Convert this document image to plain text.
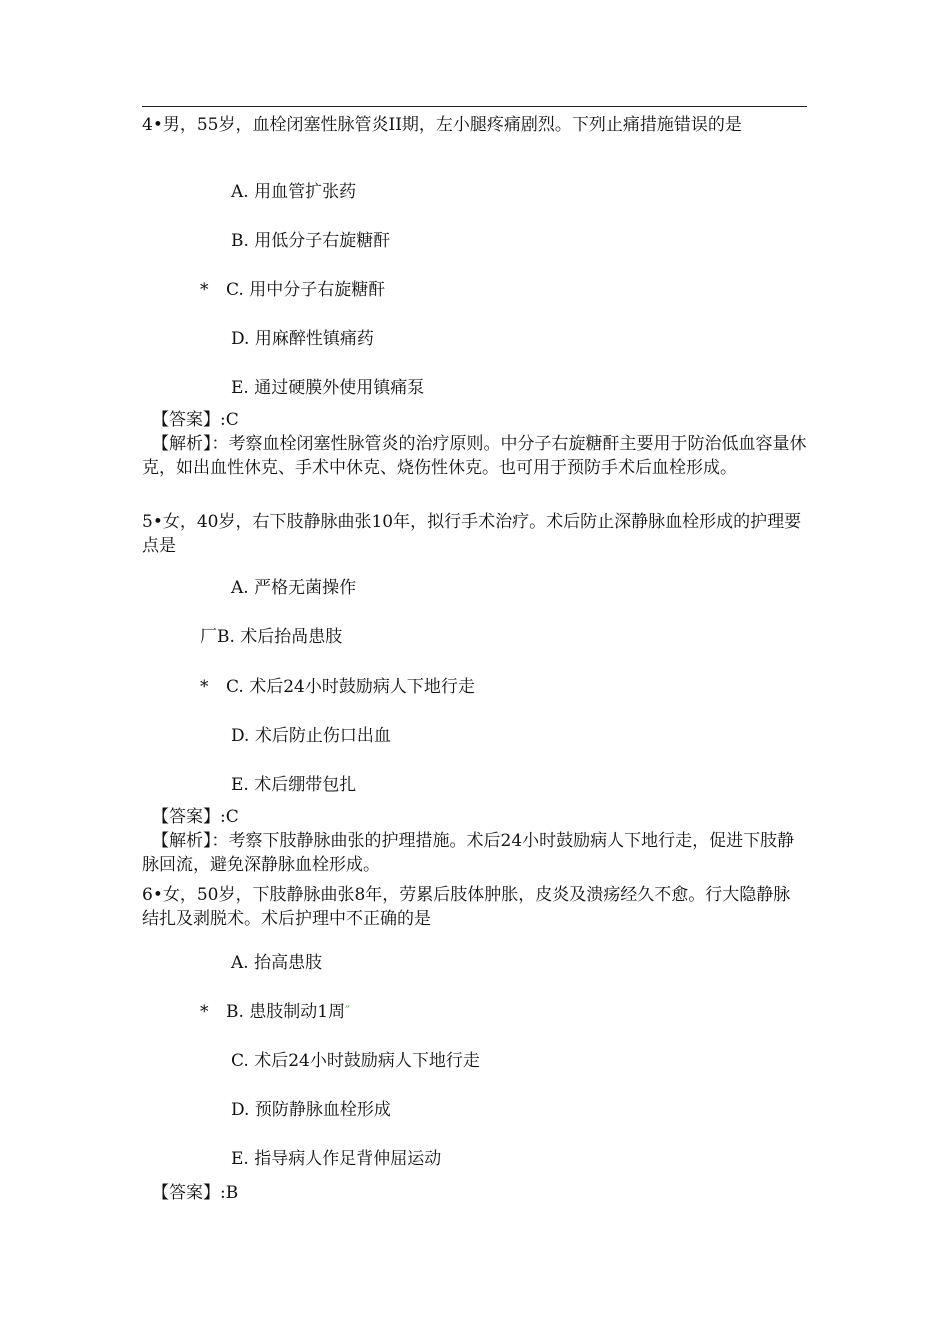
4•男，55岁，血栓闭塞性脉管炎II期，左小腿疼痛剧烈。下列止痛措施错误的是
A. 用血管扩张药
B. 用低分子右旋糖酐
* C. 用中分子右旋糖酐
D. 用麻醉性镇痛药
E. 通过硬膜外使用镇痛泵
【答案】:C
【解析】：考察血栓闭塞性脉管炎的治疗原则。中分子右旋糖酐主要用于防治低血容量休克，如出血性休克、手术中休克、烧伤性休克。也可用于预防手术后血栓形成。
5•女，40岁，右下肢静脉曲张10年，拟行手术治疗。术后防止深静脉血栓形成的护理要点是
A. 严格无菌操作
厂B. 术后抬咼患肢
* C. 术后24小时鼓励病人下地行走
D. 术后防止伤口出血
E. 术后绷带包扎
【答案】:C
【解析】：考察下肢静脉曲张的护理措施。术后24小时鼓励病人下地行走，促进下肢静脉回流，避免深静脉血栓形成。
6•女，50岁，下肢静脉曲张8年，劳累后肢体肿胀，皮炎及溃疡经久不愈。行大隐静脉结扎及剥脱术。术后护理中不正确的是
A. 抬高患肢
* B. 患肢制动1周″
C. 术后24小时鼓励病人下地行走
D. 预防静脉血栓形成
E. 指导病人作足背伸屈运动
【答案】:B
